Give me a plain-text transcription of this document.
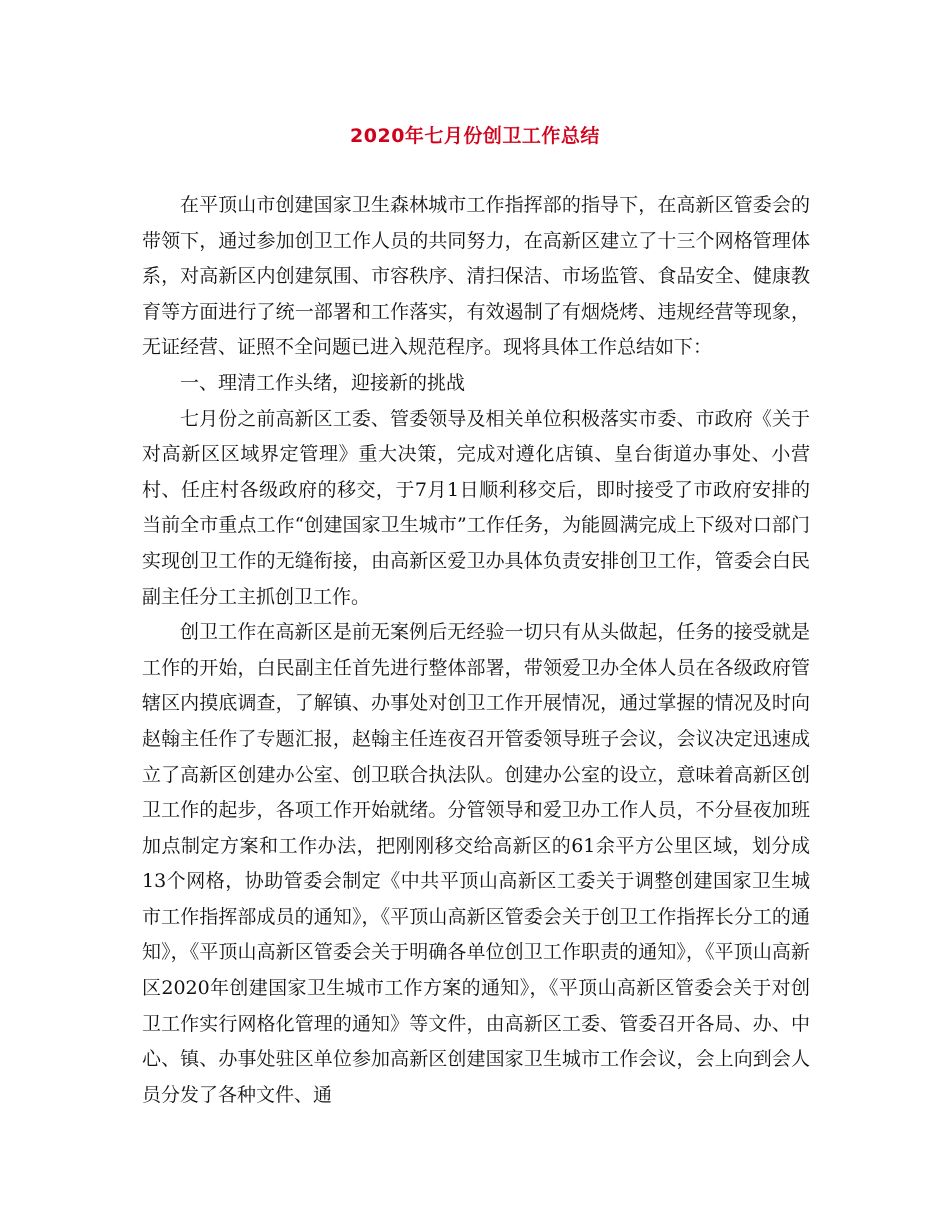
2020年七月份创卫工作总结

在平顶山市创建国家卫生森林城市工作指挥部的指导下，在高新区管委会的带领下，通过参加创卫工作人员的共同努力，在高新区建立了十三个网格管理体系，对高新区内创建氛围、市容秩序、清扫保洁、市场监管、食品安全、健康教育等方面进行了统一部署和工作落实，有效遏制了有烟烧烤、违规经营等现象，无证经营、证照不全问题已进入规范程序。现将具体工作总结如下：

一、理清工作头绪，迎接新的挑战

七月份之前高新区工委、管委领导及相关单位积极落实市委、市政府《关于对高新区区域界定管理》重大决策，完成对遵化店镇、皇台街道办事处、小营村、任庄村各级政府的移交，于7月1日顺利移交后，即时接受了市政府安排的当前全市重点工作“创建国家卫生城市”工作任务，为能圆满完成上下级对口部门实现创卫工作的无缝衔接，由高新区爱卫办具体负责安排创卫工作，管委会白民副主任分工主抓创卫工作。

创卫工作在高新区是前无案例后无经验一切只有从头做起，任务的接受就是工作的开始，白民副主任首先进行整体部署，带领爱卫办全体人员在各级政府管辖区内摸底调查，了解镇、办事处对创卫工作开展情况，通过掌握的情况及时向赵翰主任作了专题汇报，赵翰主任连夜召开管委领导班子会议，会议决定迅速成立了高新区创建办公室、创卫联合执法队。创建办公室的设立，意味着高新区创卫工作的起步，各项工作开始就绪。分管领导和爱卫办工作人员，不分昼夜加班加点制定方案和工作办法，把刚刚移交给高新区的61余平方公里区域，划分成13个网格，协助管委会制定《中共平顶山高新区工委关于调整创建国家卫生城市工作指挥部成员的通知》，《平顶山高新区管委会关于创卫工作指挥长分工的通知》，《平顶山高新区管委会关于明确各单位创卫工作职责的通知》，《平顶山高新区2020年创建国家卫生城市工作方案的通知》，《平顶山高新区管委会关于对创卫工作实行网格化管理的通知》等文件，由高新区工委、管委召开各局、办、中心、镇、办事处驻区单位参加高新区创建国家卫生城市工作会议，会上向到会人员分发了各种文件、通
